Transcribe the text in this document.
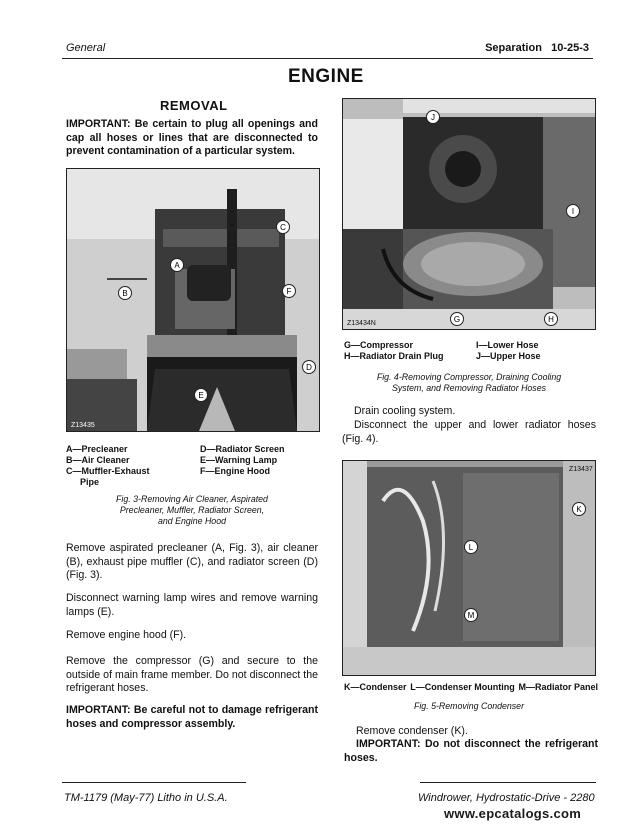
General	Separation   10-25-3
ENGINE
REMOVAL
IMPORTANT: Be certain to plug all openings and cap all hoses or lines that are disconnected to prevent contamination of a particular system.
Z13435
C
A
B	F
D
E
A—Precleaner
B—Air Cleaner
C—Muffler-Exhaust
Pipe
D—Radiator Screen
E—Warning Lamp
F—Engine Hood
Fig. 3-Removing Air Cleaner, Aspirated
Precleaner, Muffler, Radiator Screen,
and Engine Hood
Remove aspirated precleaner (A, Fig. 3), air cleaner (B), exhaust pipe muffler (C), and radiator screen (D) (Fig. 3).
Disconnect warning lamp wires and remove warning lamps (E).
Remove engine hood (F).
Remove the compressor (G) and secure to the outside of main frame member. Do not disconnect the refrigerant hoses.
IMPORTANT: Be careful not to damage refrigerant hoses and compressor assembly.
Z13434N
J
I
G	H
G—Compressor
H—Radiator Drain Plug
I—Lower Hose
J—Upper Hose
Fig. 4-Removing Compressor, Draining Cooling
System, and Removing Radiator Hoses
Drain cooling system.
Disconnect the upper and lower radiator hoses (Fig. 4).
Z13437
K
L
M
K—Condenser L—Condenser Mounting M—Radiator Panel
Fig. 5-Removing Condenser
Remove condenser (K).
IMPORTANT: Do not disconnect the refrigerant hoses.
TM-1179 (May-77) Litho in U.S.A.	Windrower, Hydrostatic-Drive - 2280
www.epcatalogs.com
